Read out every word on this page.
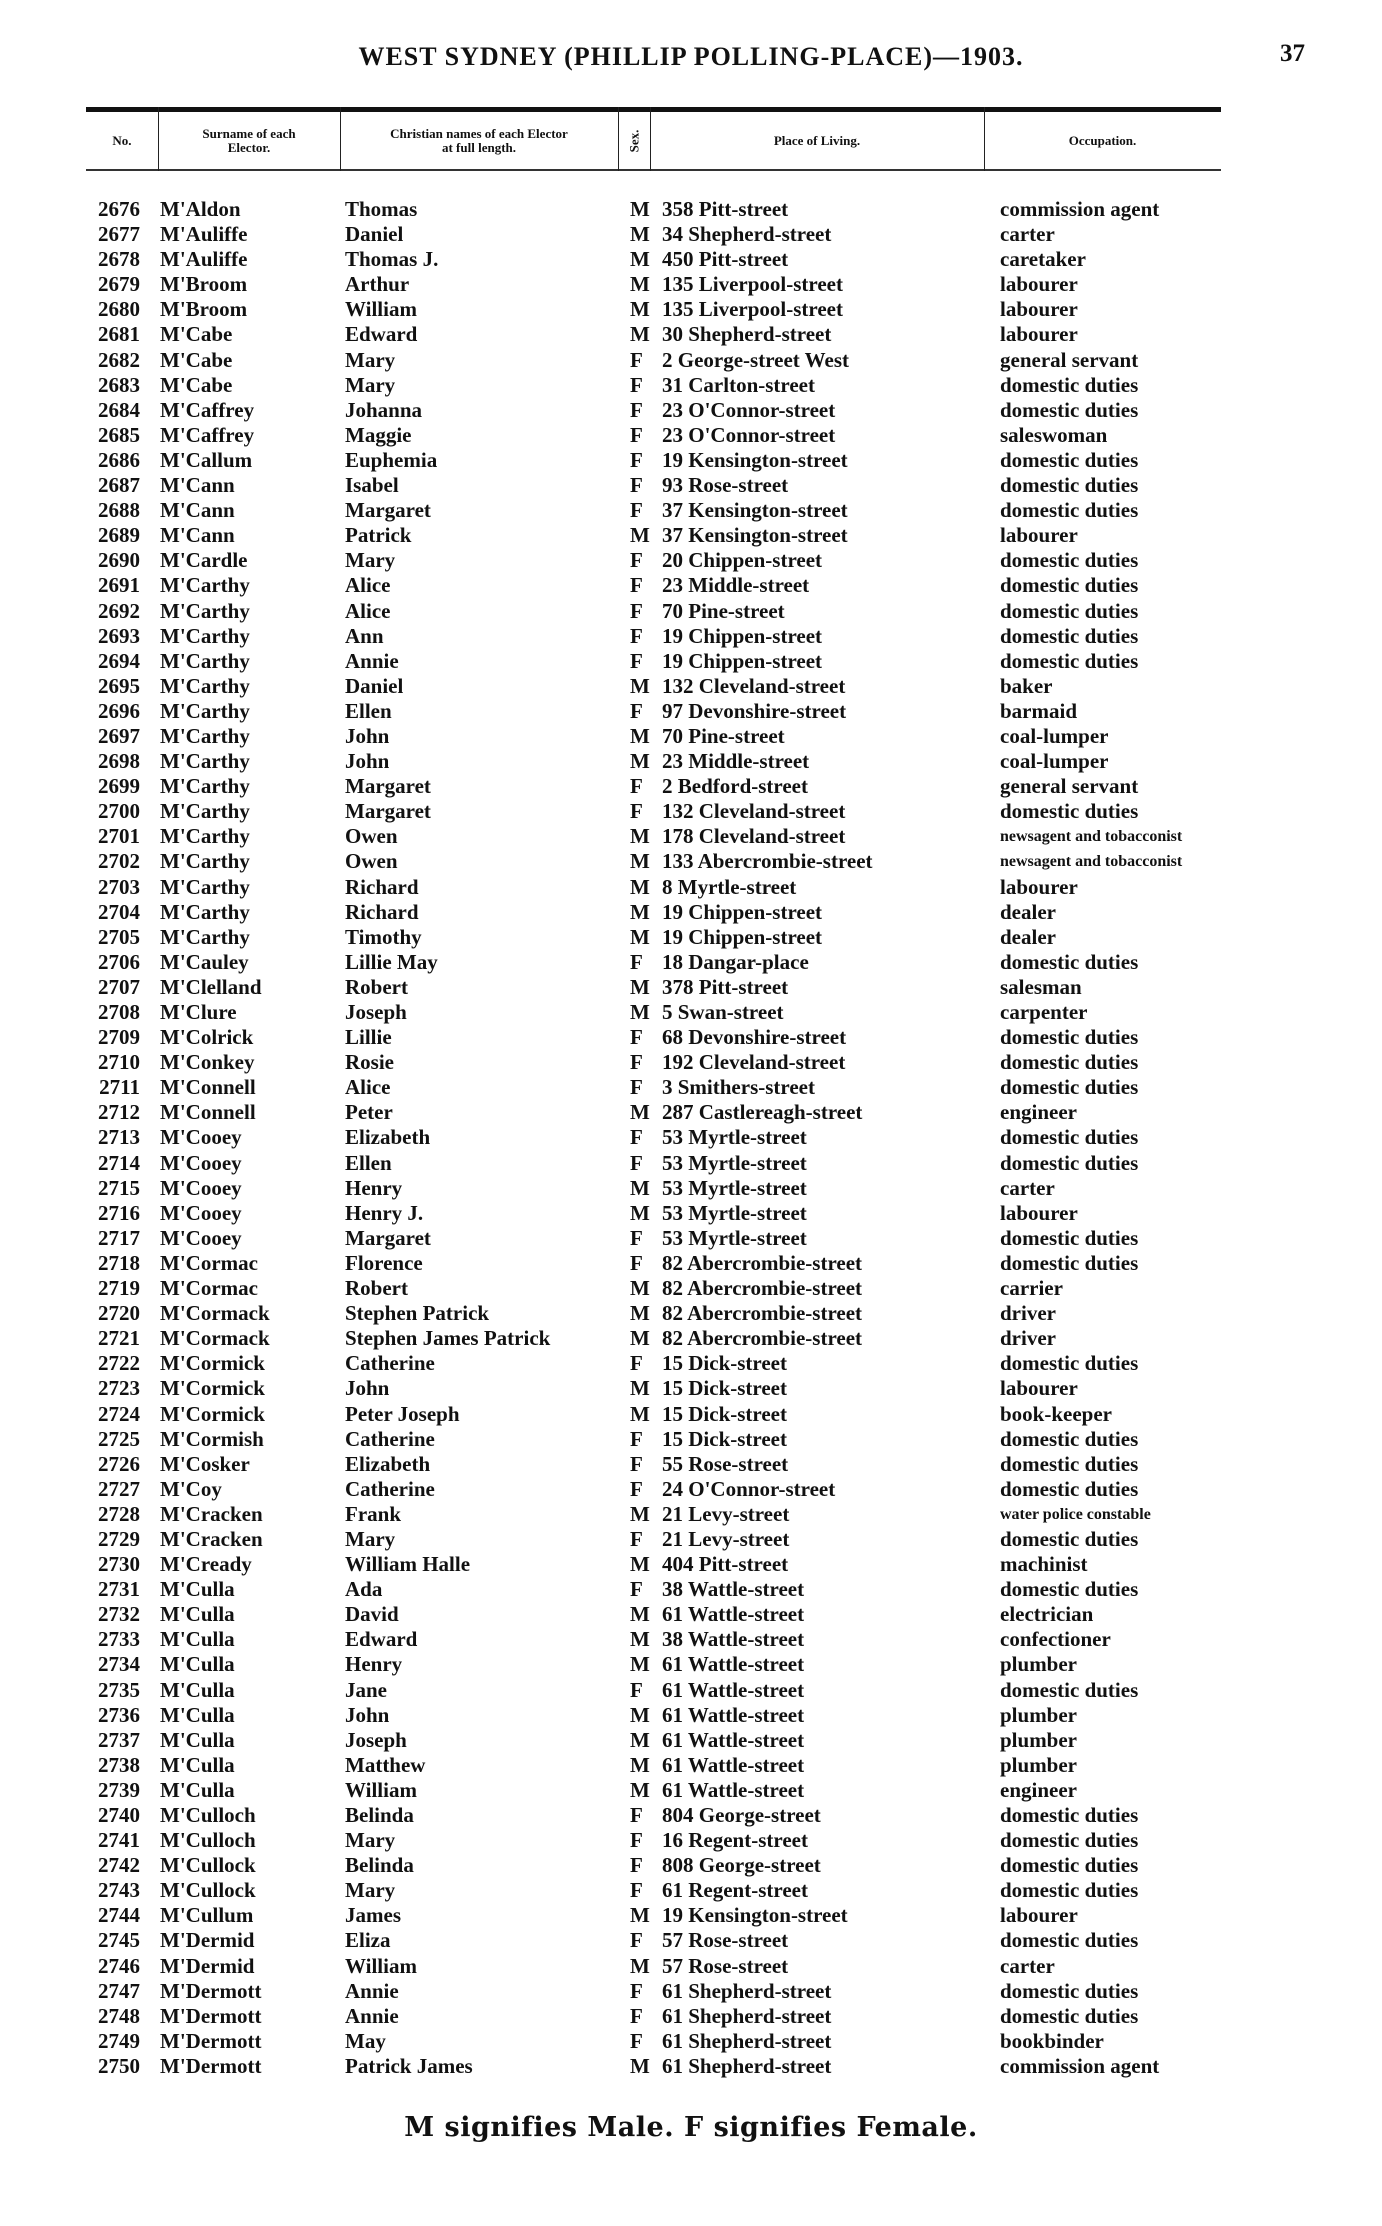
WEST SYDNEY (PHILLIP POLLING-PLACE)—1903.	37
No.	Surname of each
Elector.
Christian names of each Elector
at full length.	Sex.	Place of Living.	Occupation.
2676 M'Aldon	Thomas	M 358 Pitt-street	commission agent
2677 M'Auliffe	Daniel	M 34 Shepherd-street	carter
2678 M'Auliffe	Thomas J.	M 450 Pitt-street	caretaker
2679 M'Broom	Arthur	M 135 Liverpool-street	labourer
2680 M'Broom	William	M 135 Liverpool-street	labourer
2681 M'Cabe	Edward	M 30 Shepherd-street	labourer
2682 M'Cabe	Mary	F 2 George-street West	general servant
2683 M'Cabe	Mary	F 31 Carlton-street	domestic duties
2684 M'Caffrey	Johanna	F 23 O'Connor-street	domestic duties
2685 M'Caffrey	Maggie	F 23 O'Connor-street	saleswoman
2686 M'Callum	Euphemia	F 19 Kensington-street	domestic duties
2687 M'Cann	Isabel	F 93 Rose-street	domestic duties
2688 M'Cann	Margaret	F 37 Kensington-street	domestic duties
2689 M'Cann	Patrick	M 37 Kensington-street	labourer
2690 M'Cardle	Mary	F 20 Chippen-street	domestic duties
2691 M'Carthy	Alice	F 23 Middle-street	domestic duties
2692 M'Carthy	Alice	F 70 Pine-street	domestic duties
2693 M'Carthy	Ann	F 19 Chippen-street	domestic duties
2694 M'Carthy	Annie	F 19 Chippen-street	domestic duties
2695 M'Carthy	Daniel	M 132 Cleveland-street	baker
2696 M'Carthy	Ellen	F 97 Devonshire-street	barmaid
2697 M'Carthy	John	M 70 Pine-street	coal-lumper
2698 M'Carthy	John	M 23 Middle-street	coal-lumper
2699 M'Carthy	Margaret	F 2 Bedford-street	general servant
2700 M'Carthy	Margaret	F 132 Cleveland-street	domestic duties
2701 M'Carthy	Owen	M 178 Cleveland-street	newsagent and tobacconist
2702 M'Carthy	Owen	M 133 Abercrombie-street	newsagent and tobacconist
2703 M'Carthy	Richard	M 8 Myrtle-street	labourer
2704 M'Carthy	Richard	M 19 Chippen-street	dealer
2705 M'Carthy	Timothy	M 19 Chippen-street	dealer
2706 M'Cauley	Lillie May	F 18 Dangar-place	domestic duties
2707 M'Clelland	Robert	M 378 Pitt-street	salesman
2708 M'Clure	Joseph	M 5 Swan-street	carpenter
2709 M'Colrick	Lillie	F 68 Devonshire-street	domestic duties
2710 M'Conkey	Rosie	F 192 Cleveland-street	domestic duties
2711 M'Connell	Alice	F 3 Smithers-street	domestic duties
2712 M'Connell	Peter	M 287 Castlereagh-street	engineer
2713 M'Cooey	Elizabeth	F 53 Myrtle-street	domestic duties
2714 M'Cooey	Ellen	F 53 Myrtle-street	domestic duties
2715 M'Cooey	Henry	M 53 Myrtle-street	carter
2716 M'Cooey	Henry J.	M 53 Myrtle-street	labourer
2717 M'Cooey	Margaret	F 53 Myrtle-street	domestic duties
2718 M'Cormac	Florence	F 82 Abercrombie-street	domestic duties
2719 M'Cormac	Robert	M 82 Abercrombie-street	carrier
2720 M'Cormack	Stephen Patrick	M 82 Abercrombie-street	driver
2721 M'Cormack	Stephen James Patrick	M 82 Abercrombie-street	driver
2722 M'Cormick	Catherine	F 15 Dick-street	domestic duties
2723 M'Cormick	John	M 15 Dick-street	labourer
2724 M'Cormick	Peter Joseph	M 15 Dick-street	book-keeper
2725 M'Cormish	Catherine	F 15 Dick-street	domestic duties
2726 M'Cosker	Elizabeth	F 55 Rose-street	domestic duties
2727 M'Coy	Catherine	F 24 O'Connor-street	domestic duties
2728 M'Cracken	Frank	M 21 Levy-street	water police constable
2729 M'Cracken	Mary	F 21 Levy-street	domestic duties
2730 M'Cready	William Halle	M 404 Pitt-street	machinist
2731 M'Culla	Ada	F 38 Wattle-street	domestic duties
2732 M'Culla	David	M 61 Wattle-street	electrician
2733 M'Culla	Edward	M 38 Wattle-street	confectioner
2734 M'Culla	Henry	M 61 Wattle-street	plumber
2735 M'Culla	Jane	F 61 Wattle-street	domestic duties
2736 M'Culla	John	M 61 Wattle-street	plumber
2737 M'Culla	Joseph	M 61 Wattle-street	plumber
2738 M'Culla	Matthew	M 61 Wattle-street	plumber
2739 M'Culla	William	M 61 Wattle-street	engineer
2740 M'Culloch	Belinda	F 804 George-street	domestic duties
2741 M'Culloch	Mary	F 16 Regent-street	domestic duties
2742 M'Cullock	Belinda	F 808 George-street	domestic duties
2743 M'Cullock	Mary	F 61 Regent-street	domestic duties
2744 M'Cullum	James	M 19 Kensington-street	labourer
2745 M'Dermid	Eliza	F 57 Rose-street	domestic duties
2746 M'Dermid	William	M 57 Rose-street	carter
2747 M'Dermott	Annie	F 61 Shepherd-street	domestic duties
2748 M'Dermott	Annie	F 61 Shepherd-street	domestic duties
2749 M'Dermott	May	F 61 Shepherd-street	bookbinder
2750 M'Dermott	Patrick James	M 61 Shepherd-street	commission agent
M signifies Male. F signifies Female.
